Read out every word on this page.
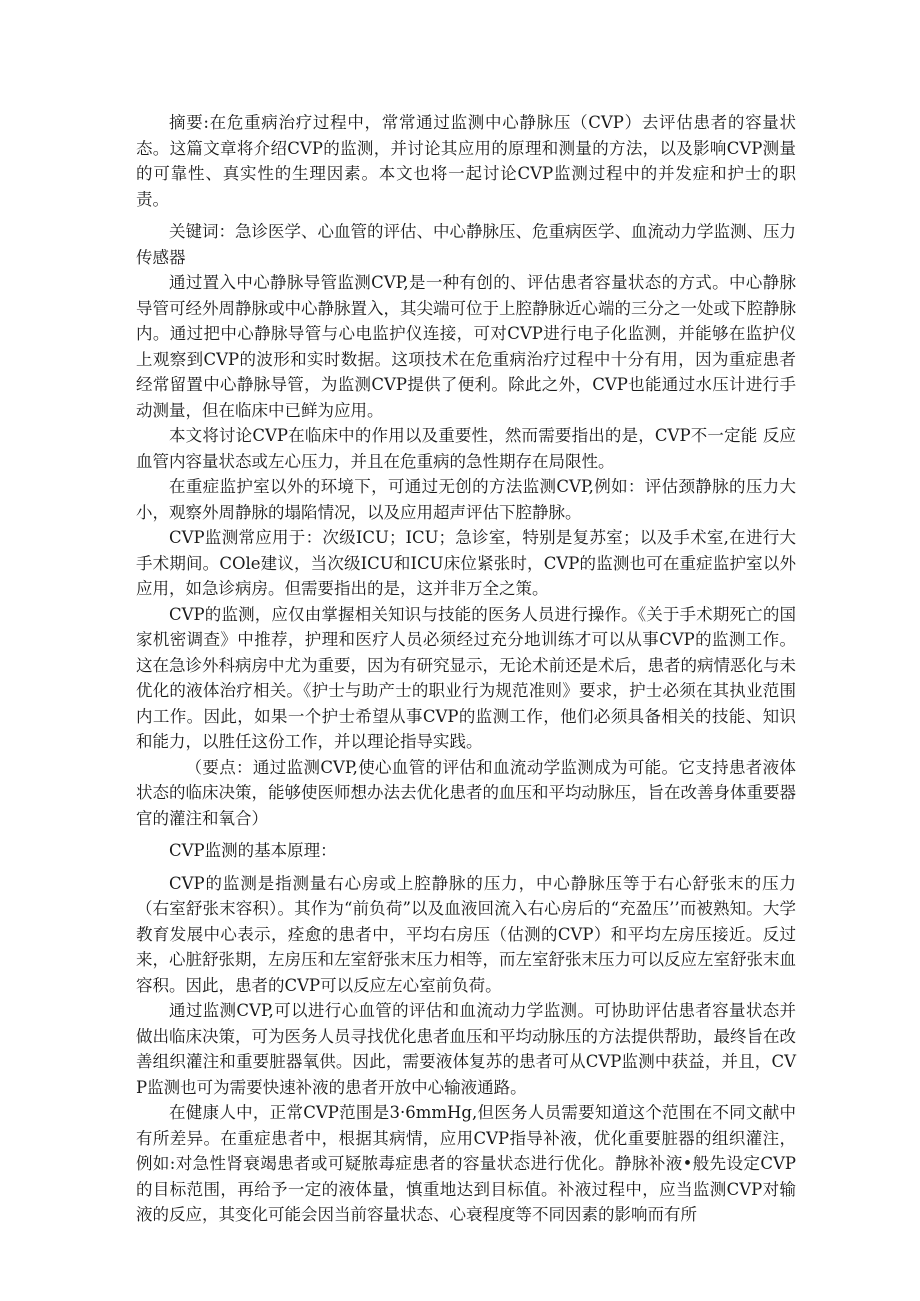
摘要:在危重病治疗过程中，常常通过监测中心静脉压（CVP）去评估患者的容量状态。这篇文章将介绍CVP的监测，并讨论其应用的原理和测量的方法，以及影响CVP测量的可靠性、真实性的生理因素。本文也将一起讨论CVP监测过程中的并发症和护士的职责。

关键词：急诊医学、心血管的评估、中心静脉压、危重病医学、血流动力学监测、压力传感器

通过置入中心静脉导管监测CVP,是一种有创的、评估患者容量状态的方式。中心静脉导管可经外周静脉或中心静脉置入，其尖端可位于上腔静脉近心端的三分之一处或下腔静脉内。通过把中心静脉导管与心电监护仪连接，可对CVP进行电子化监测，并能够在监护仪上观察到CVP的波形和实时数据。这项技术在危重病治疗过程中十分有用，因为重症患者经常留置中心静脉导管，为监测CVP提供了便利。除此之外，CVP也能通过水压计进行手动测量，但在临床中已鲜为应用。

本文将讨论CVP在临床中的作用以及重要性，然而需要指出的是，CVP不一定能 反应血管内容量状态或左心压力，并且在危重病的急性期存在局限性。

在重症监护室以外的环境下，可通过无创的方法监测CVP,例如：评估颈静脉的压力大小，观察外周静脉的塌陷情况，以及应用超声评估下腔静脉。

CVP监测常应用于：次级ICU；ICU；急诊室，特别是复苏室；以及手术室,在进行大手术期间。COle建议，当次级ICU和ICU床位紧张时，CVP的监测也可在重症监护室以外应用，如急诊病房。但需要指出的是，这并非万全之策。

CVP的监测，应仅由掌握相关知识与技能的医务人员进行操作。《关于手术期死亡的国家机密调查》中推荐，护理和医疗人员必须经过充分地训练才可以从事CVP的监测工作。这在急诊外科病房中尤为重要，因为有研究显示，无论术前还是术后，患者的病情恶化与未优化的液体治疗相关。《护士与助产士的职业行为规范准则》要求，护士必须在其执业范围内工作。因此，如果一个护士希望从事CVP的监测工作，他们必须具备相关的技能、知识和能力，以胜任这份工作，并以理论指导实践。

（要点：通过监测CVP,使心血管的评估和血流动学监测成为可能。它支持患者液体状态的临床决策，能够使医师想办法去优化患者的血压和平均动脉压，旨在改善身体重要器官的灌注和氧合）

CVP监测的基本原理：

CVP的监测是指测量右心房或上腔静脉的压力，中心静脉压等于右心舒张末的压力（右室舒张末容积）。其作为“前负荷”以及血液回流入右心房后的“充盈压’’而被熟知。大学教育发展中心表示，痊愈的患者中，平均右房压（估测的CVP）和平均左房压接近。反过来，心脏舒张期，左房压和左室舒张末压力相等，而左室舒张末压力可以反应左室舒张末血容积。因此，患者的CVP可以反应左心室前负荷。

通过监测CVP,可以进行心血管的评估和血流动力学监测。可协助评估患者容量状态并做出临床决策，可为医务人员寻找优化患者血压和平均动脉压的方法提供帮助，最终旨在改善组织灌注和重要脏器氧供。因此，需要液体复苏的患者可从CVP监测中获益，并且，CVP监测也可为需要快速补液的患者开放中心输液通路。

在健康人中，正常CVP范围是3·6mmHg,但医务人员需要知道这个范围在不同文献中有所差异。在重症患者中，根据其病情，应用CVP指导补液，优化重要脏器的组织灌注，例如:对急性肾衰竭患者或可疑脓毒症患者的容量状态进行优化。静脉补液•般先设定CVP的目标范围，再给予一定的液体量，慎重地达到目标值。补液过程中，应当监测CVP对输液的反应，其变化可能会因当前容量状态、心衰程度等不同因素的影响而有所
